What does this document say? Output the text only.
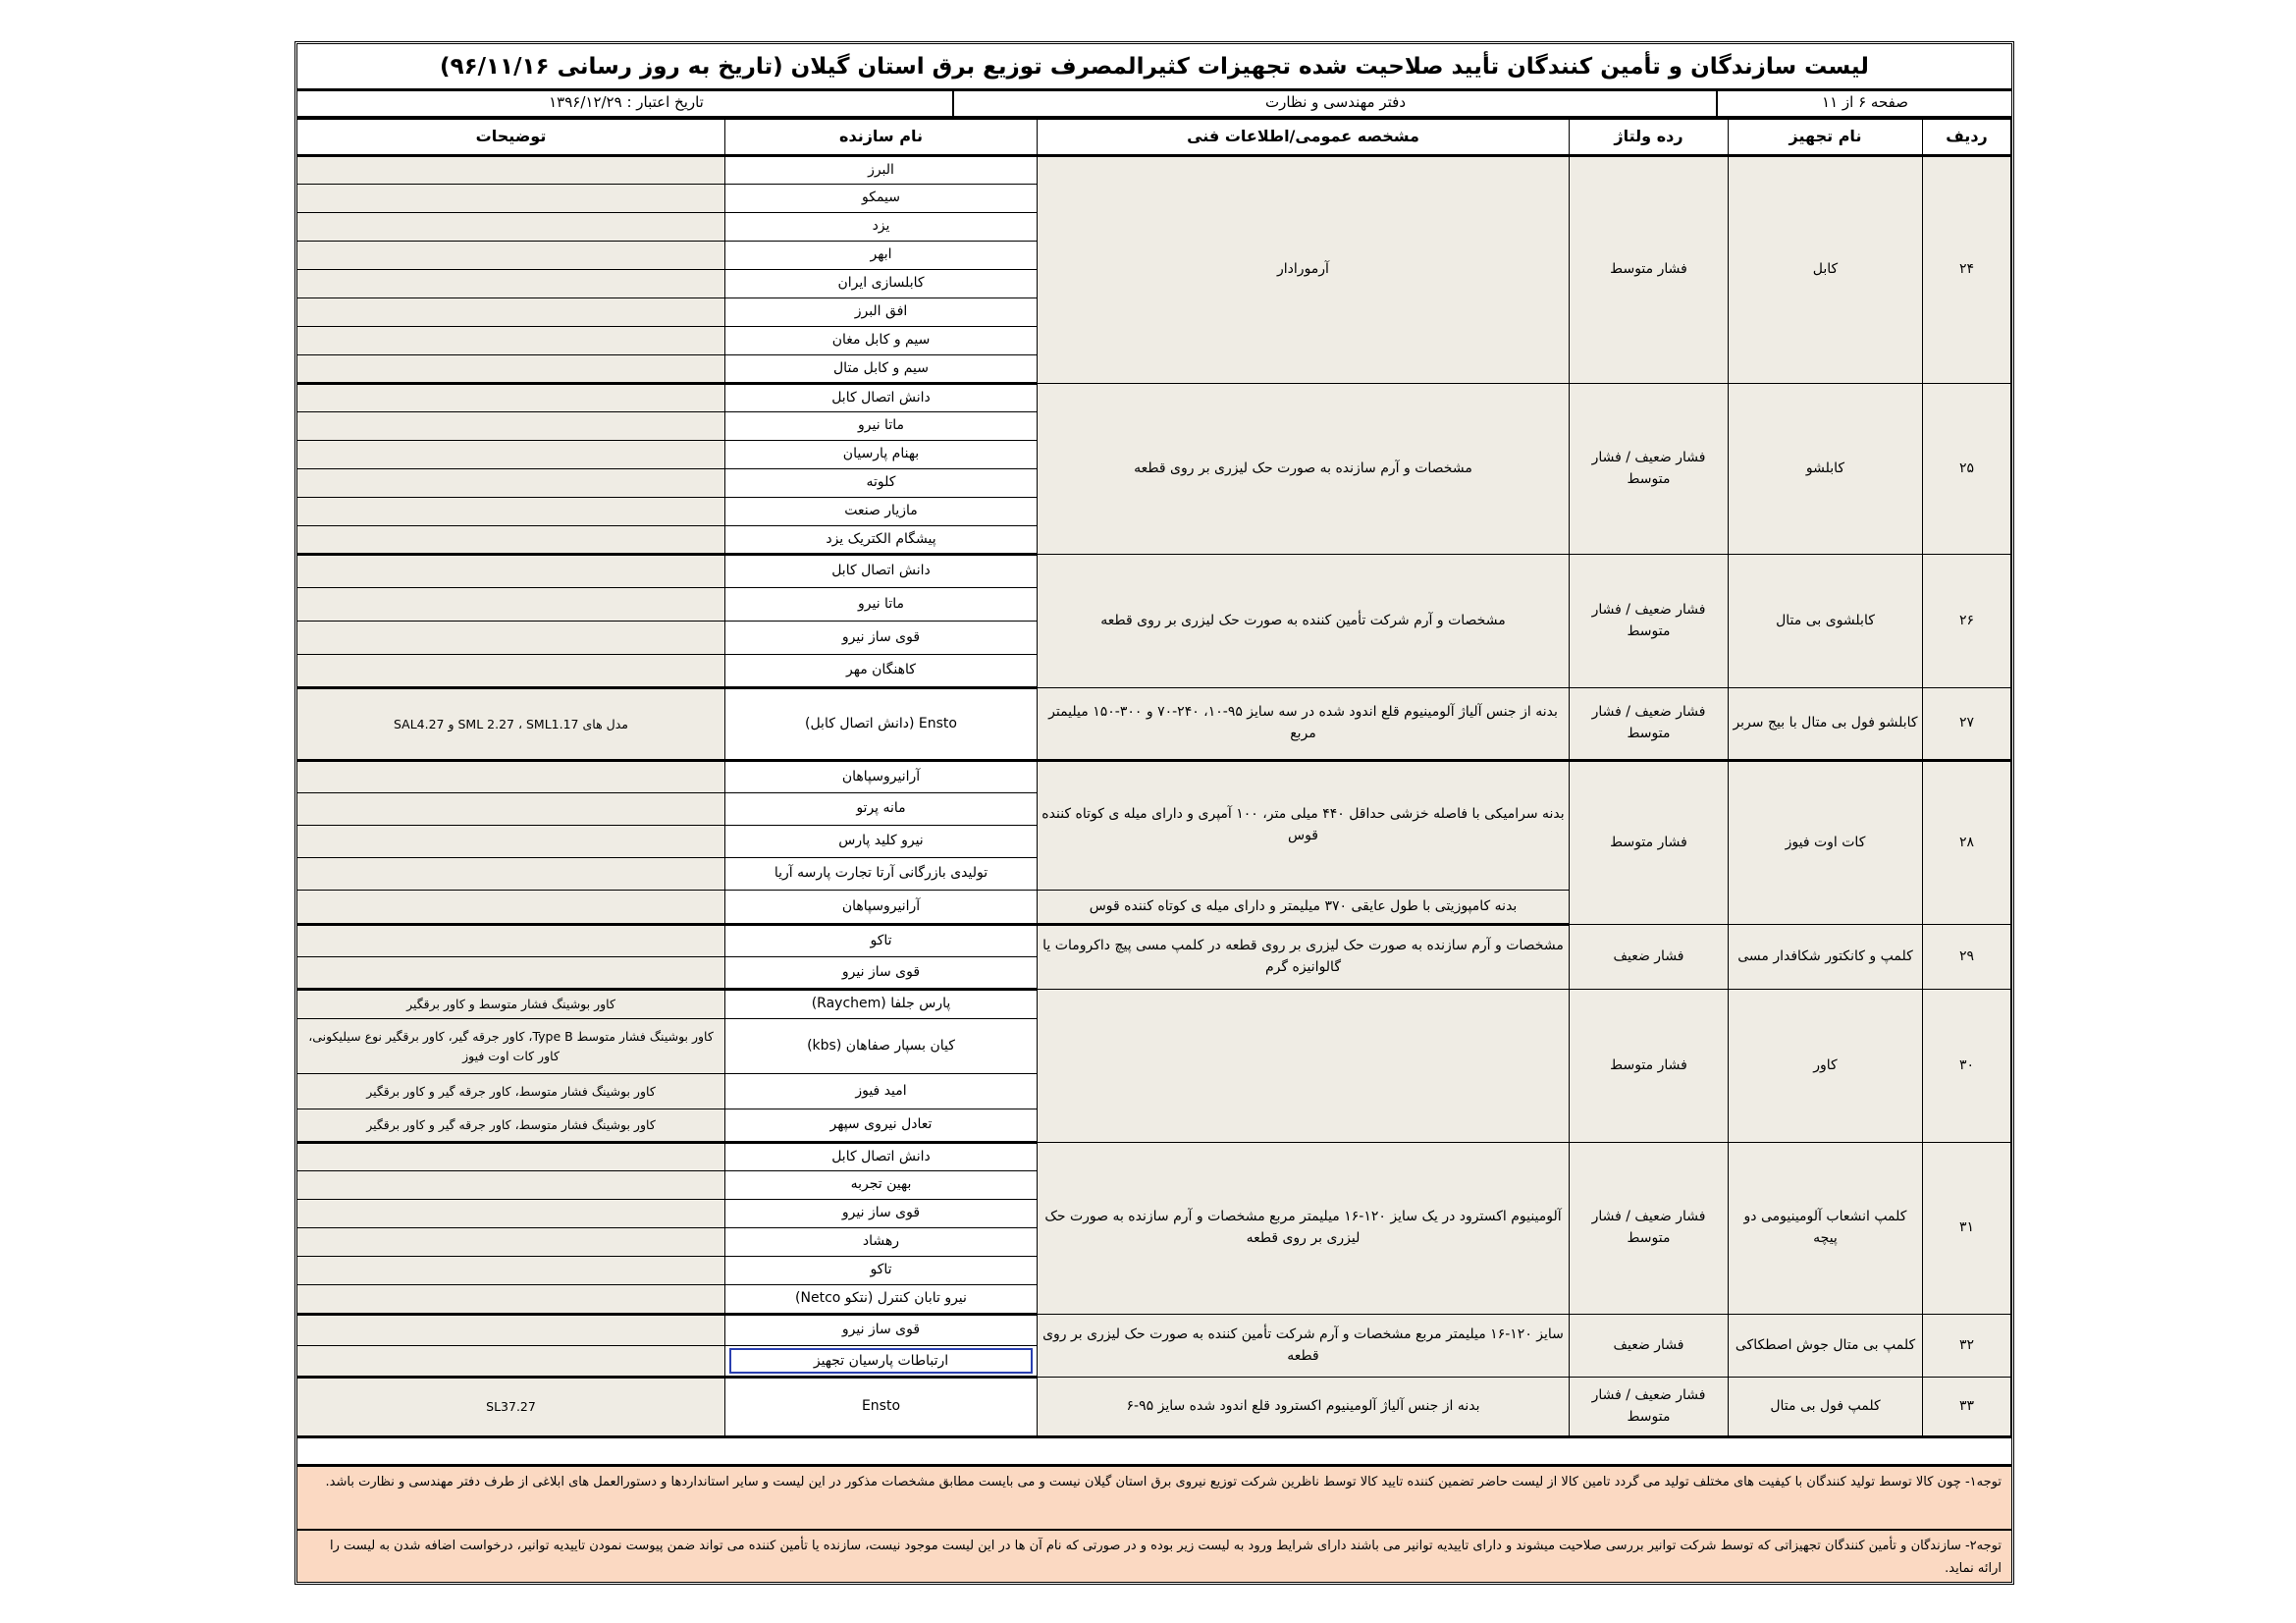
لیست سازندگان و تأمین کنندگان تأیید صلاحیت شده تجهیزات کثیرالمصرف توزیع برق استان گیلان (تاریخ به روز رسانی ۹۶/۱۱/۱۶)
صفحه ۶ از ۱۱
دفتر مهندسی و نظارت
تاریخ اعتبار : ۱۳۹۶/۱۲/۲۹
ردیف	نام تجهیز	رده ولتاژ	مشخصه عمومی/اطلاعات فنی	نام سازنده	توضیحات
۲۴	کابل	فشار متوسط	آرمورادار	البرز	
				سیمکو	
				یزد	
				ابهر	
				کابلسازی ایران	
				افق البرز	
				سیم و کابل مغان	
				سیم و کابل متال	
۲۵	کابلشو	فشار ضعیف / فشار متوسط	مشخصات و آرم سازنده به صورت حک لیزری بر روی قطعه	دانش اتصال کابل	
				ماتا نیرو	
				بهنام پارسیان	
				کلوته	
				مازیار صنعت	
				پیشگام الکتریک یزد	
۲۶	کابلشوی بی متال	فشار ضعیف / فشار متوسط	مشخصات و آرم شرکت تأمین کننده به صورت حک لیزری بر روی قطعه	دانش اتصال کابل	
				ماتا نیرو	
				قوی ساز نیرو	
				کاهنگان مهر	
۲۷	کابلشو فول بی متال با بیج سربر	فشار ضعیف / فشار متوسط	بدنه از جنس آلیاژ آلومینیوم قلع اندود شده در سه سایز ۹۵-۱۰، ۲۴۰-۷۰ و ۳۰۰-۱۵۰ میلیمتر مربع	Ensto (دانش اتصال کابل)	مدل های SML 2.27 ، SML1.17 و SAL4.27
۲۸	کات اوت فیوز	فشار متوسط	بدنه سرامیکی با فاصله خزشی حداقل ۴۴۰ میلی متر، ۱۰۰ آمپری و دارای میله ی کوتاه کننده قوس	آرانیروسپاهان	
				مانه پرتو	
				نیرو کلید پارس	
				تولیدی بازرگانی آرتا تجارت پارسه آریا	
			بدنه کامپوزیتی با طول عایقی ۳۷۰ میلیمتر و دارای میله ی کوتاه کننده قوس	آرانیروسپاهان	
۲۹	کلمپ و کانکتور شکافدار مسی	فشار ضعیف	مشخصات و آرم سازنده به صورت حک لیزری بر روی قطعه در کلمپ مسی پیچ داکرومات یا گالوانیزه گرم	تاکو	
				قوی ساز نیرو	
۳۰	کاور	فشار متوسط		پارس جلفا (Raychem)	کاور بوشینگ فشار متوسط و کاور برقگیر
				کیان بسپار صفاهان (kbs)	کاور بوشینگ فشار متوسط Type B، کاور جرقه گیر، کاور برقگیر نوع سیلیکونی، کاور کات اوت فیوز
				امید فیوز	کاور بوشینگ فشار متوسط، کاور جرقه گیر و کاور برقگیر
				تعادل نیروی سپهر	کاور بوشینگ فشار متوسط، کاور جرقه گیر و کاور برقگیر
۳۱	کلمپ انشعاب آلومینیومی دو پیچه	فشار ضعیف / فشار متوسط	آلومینیوم اکسترود در یک سایز ۱۲۰-۱۶ میلیمتر مربع مشخصات و آرم سازنده به صورت حک لیزری بر روی قطعه	دانش اتصال کابل	
				بهین تجربه	
				قوی ساز نیرو	
				رهشاد	
				تاکو	
				نیرو تابان کنترل (نتکو Netco)	
۳۲	کلمپ بی متال جوش اصطکاکی	فشار ضعیف	سایز ۱۲۰-۱۶ میلیمتر مربع مشخصات و آرم شرکت تأمین کننده به صورت حک لیزری بر روی قطعه	قوی ساز نیرو	

				ارتباطات پارسیان تجهیز	

۳۳	کلمپ فول بی متال	فشار ضعیف / فشار متوسط	بدنه از جنس آلیاژ آلومینیوم اکسترود قلع اندود شده سایز ۹۵-۶	Ensto	SL37.27
توجه۱- چون کالا توسط تولید کنندگان با کیفیت های مختلف تولید می گردد تامین کالا از لیست حاضر تضمین کننده تایید کالا توسط ناظرین شرکت توزیع نیروی برق استان گیلان نیست و می بایست مطابق مشخصات مذکور در این لیست و سایر استانداردها و دستورالعمل های ابلاغی از طرف دفتر مهندسی و نظارت باشد.
توجه۲- سازندگان و تأمین کنندگان تجهیزاتی که توسط شرکت توانیر بررسی صلاحیت میشوند و دارای تاییدیه توانیر می باشند دارای شرایط ورود به لیست زیر بوده و در صورتی که نام آن ها در این لیست موجود نیست، سازنده یا تأمین کننده می تواند ضمن پیوست نمودن تاییدیه توانیر، درخواست اضافه شدن به لیست را ارائه نماید.
